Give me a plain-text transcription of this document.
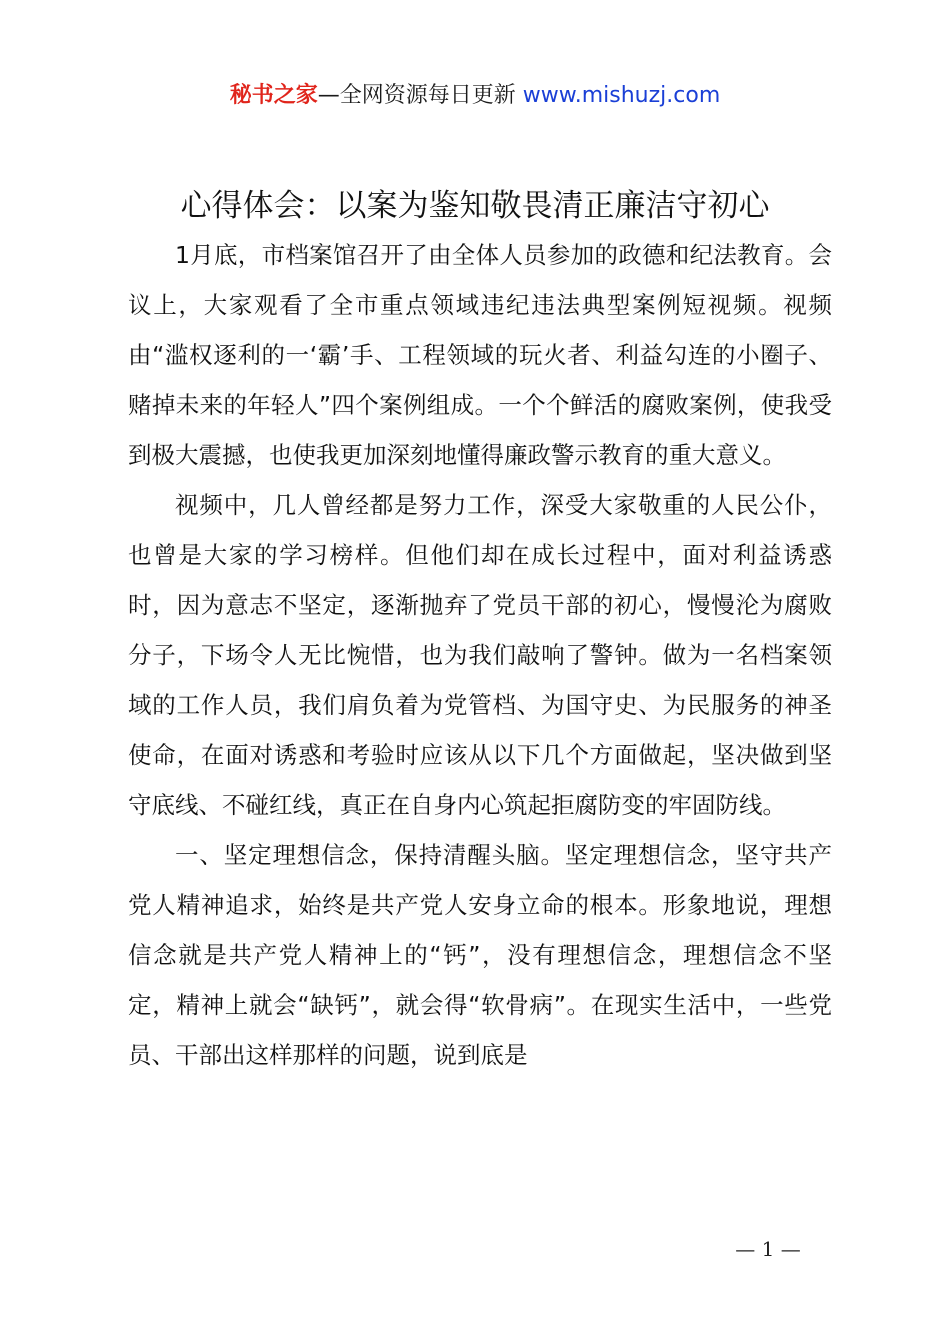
秘书之家—全网资源每日更新 www.mishuzj.com
心得体会：以案为鉴知敬畏清正廉洁守初心

1月底，市档案馆召开了由全体人员参加的政德和纪法教育。会议上，大家观看了全市重点领域违纪违法典型案例短视频。视频由“滥权逐利的一‘霸’手、工程领域的玩火者、利益勾连的小圈子、赌掉未来的年轻人”四个案例组成。一个个鲜活的腐败案例，使我受到极大震撼，也使我更加深刻地懂得廉政警示教育的重大意义。

视频中，几人曾经都是努力工作，深受大家敬重的人民公仆，也曾是大家的学习榜样。但他们却在成长过程中，面对利益诱惑时，因为意志不坚定，逐渐抛弃了党员干部的初心，慢慢沦为腐败分子，下场令人无比惋惜，也为我们敲响了警钟。做为一名档案领域的工作人员，我们肩负着为党管档、为国守史、为民服务的神圣使命，在面对诱惑和考验时应该从以下几个方面做起，坚决做到坚守底线、不碰红线，真正在自身内心筑起拒腐防变的牢固防线。

一、坚定理想信念，保持清醒头脑。坚定理想信念，坚守共产党人精神追求，始终是共产党人安身立命的根本。形象地说，理想信念就是共产党人精神上的“钙”，没有理想信念，理想信念不坚定，精神上就会“缺钙”，就会得“软骨病”。在现实生活中，一些党员、干部出这样那样的问题，说到底是

— 1 —
